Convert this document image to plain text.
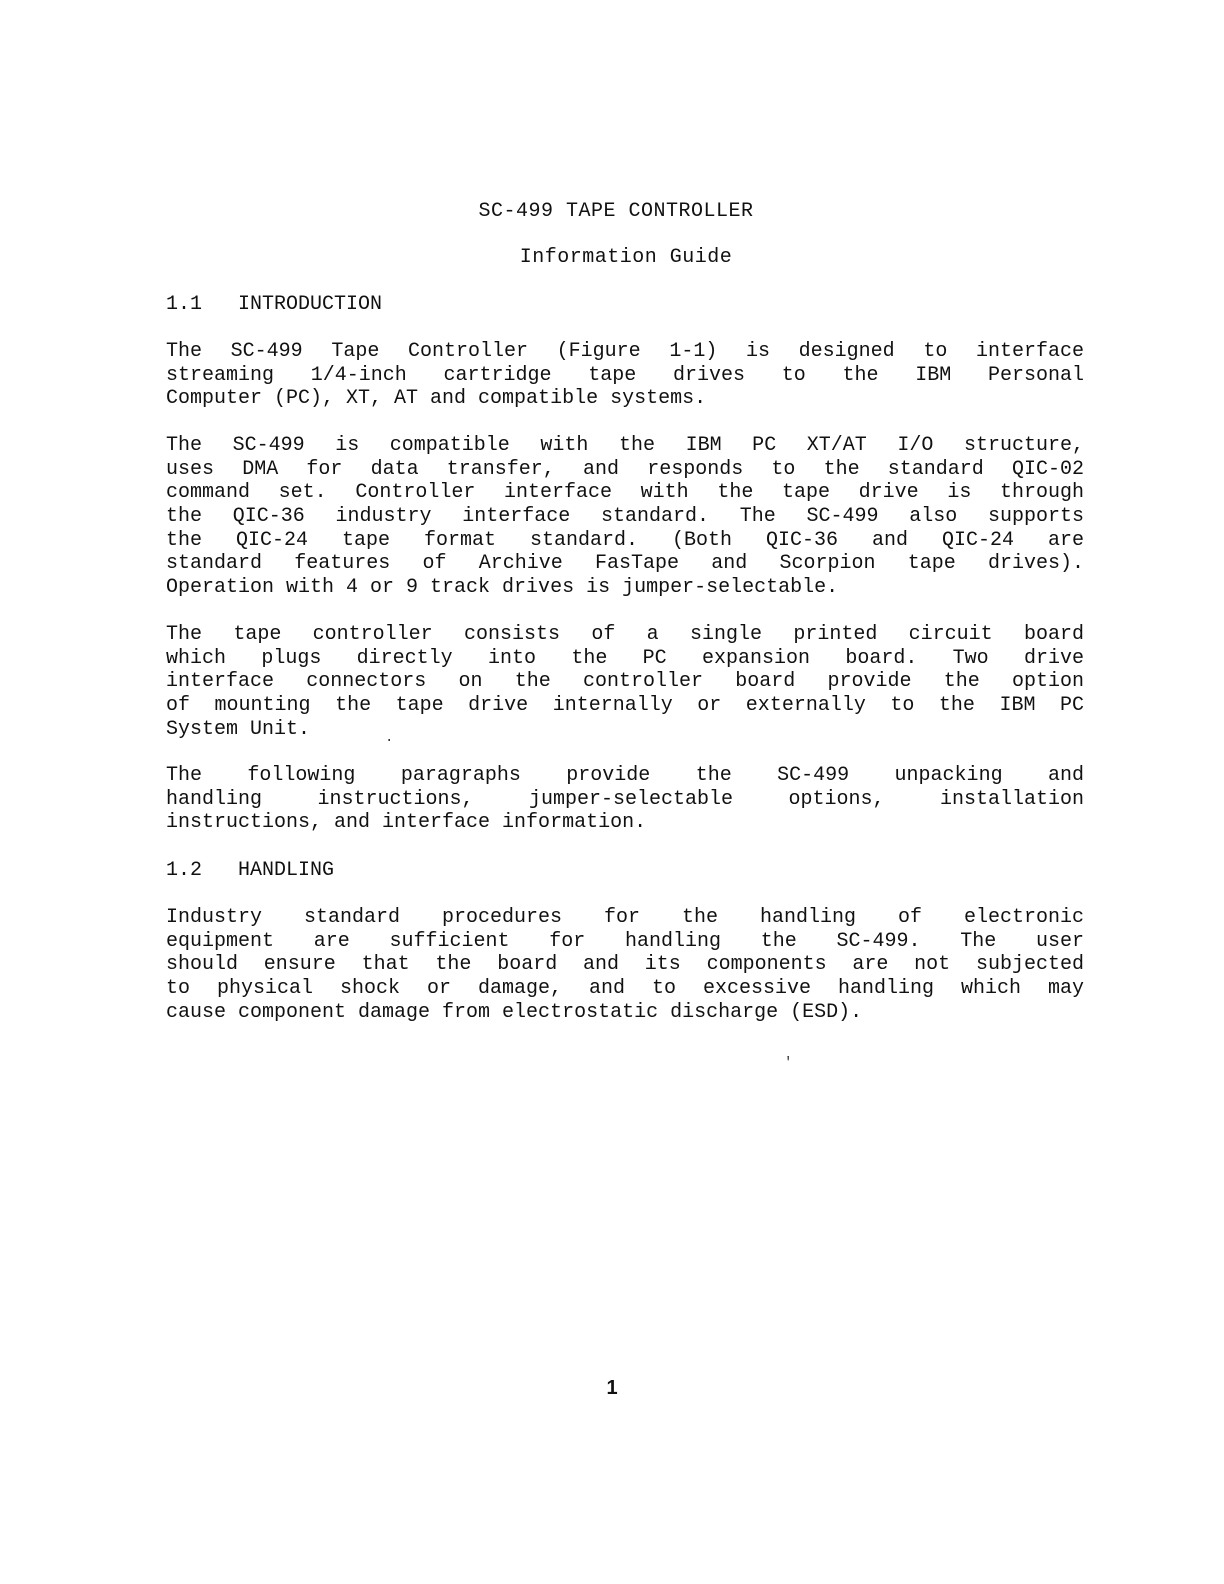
SC-499 TAPE CONTROLLER
Information Guide
1.1   INTRODUCTION

The SC-499 Tape Controller (Figure 1-1) is designed to interface
streaming 1/4-inch cartridge tape drives to the IBM Personal
Computer (PC), XT, AT and compatible systems.

The SC-499 is compatible with the IBM PC XT/AT I/O structure,
uses DMA for data transfer, and responds to the standard QIC-02
command set. Controller interface with the tape drive is through
the QIC-36 industry interface standard. The SC-499 also supports
the QIC-24 tape format standard. (Both QIC-36 and QIC-24 are
standard features of Archive FasTape and Scorpion tape drives).
Operation with 4 or 9 track drives is jumper-selectable.

The tape controller consists of a single printed circuit board
which plugs directly into the PC expansion board. Two drive
interface connectors on the controller board provide the option
of mounting the tape drive internally or externally to the IBM PC
System Unit.

The following paragraphs provide the SC-499 unpacking and
handling instructions, jumper-selectable options, installation
instructions, and interface information.

1.2   HANDLING

Industry standard procedures for the handling of electronic
equipment are sufficient for handling the SC-499. The user
should ensure that the board and its components are not subjected
to physical shock or damage, and to excessive handling which may
cause component damage from electrostatic discharge (ESD).

.
′
1
